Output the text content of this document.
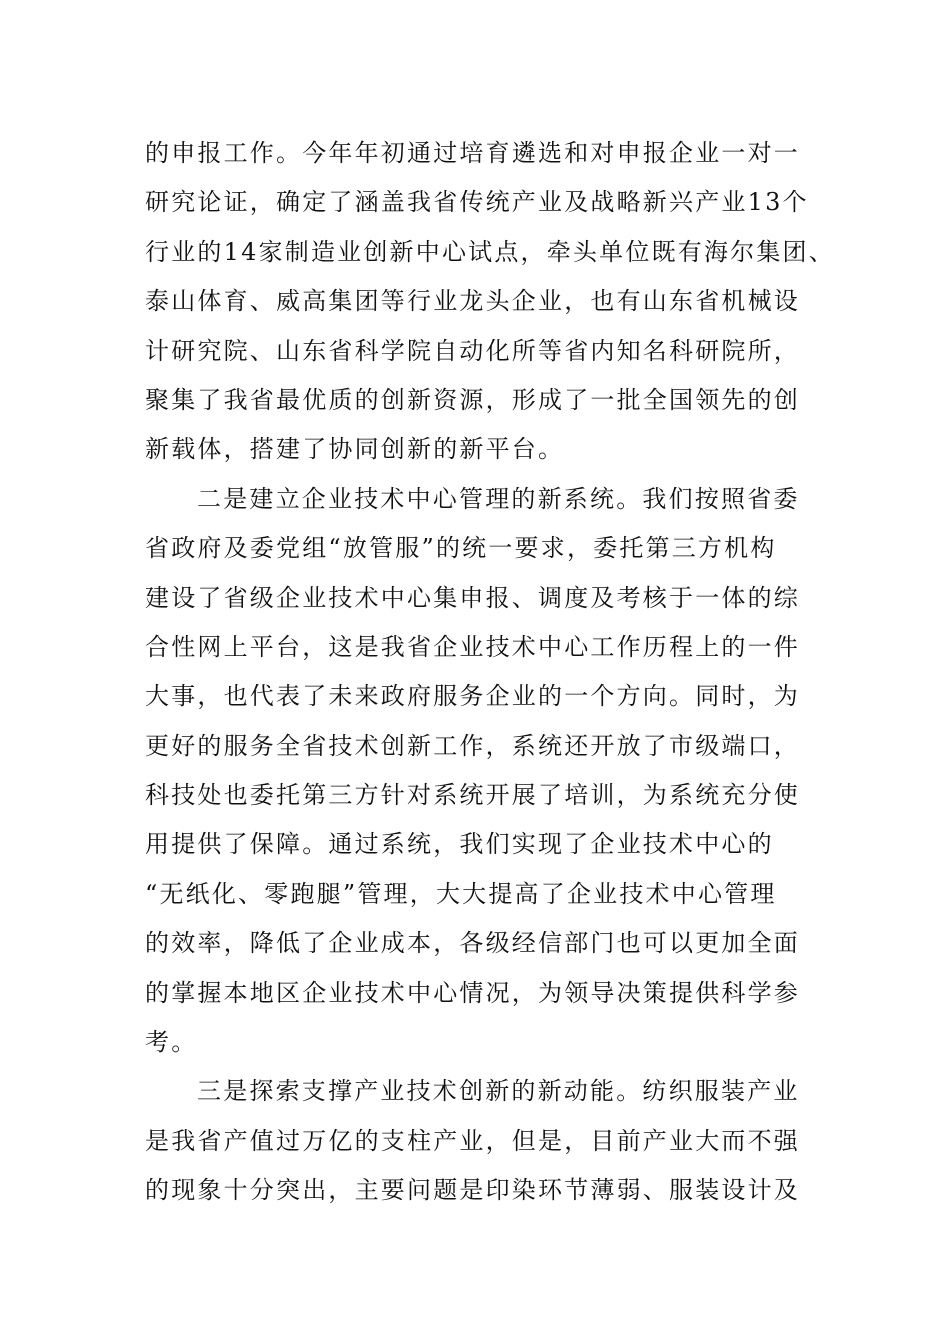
的申报工作。今年年初通过培育遴选和对申报企业一对一
研究论证，确定了涵盖我省传统产业及战略新兴产业13个
行业的14家制造业创新中心试点，牵头单位既有海尔集团、
泰山体育、威高集团等行业龙头企业，也有山东省机械设
计研究院、山东省科学院自动化所等省内知名科研院所，
聚集了我省最优质的创新资源，形成了一批全国领先的创
新载体，搭建了协同创新的新平台。
二是建立企业技术中心管理的新系统。我们按照省委
省政府及委党组“放管服”的统一要求，委托第三方机构
建设了省级企业技术中心集申报、调度及考核于一体的综
合性网上平台，这是我省企业技术中心工作历程上的一件
大事，也代表了未来政府服务企业的一个方向。同时，为
更好的服务全省技术创新工作，系统还开放了市级端口，
科技处也委托第三方针对系统开展了培训，为系统充分使
用提供了保障。通过系统，我们实现了企业技术中心的
“无纸化、零跑腿”管理，大大提高了企业技术中心管理
的效率，降低了企业成本，各级经信部门也可以更加全面
的掌握本地区企业技术中心情况，为领导决策提供科学参
考。
三是探索支撑产业技术创新的新动能。纺织服装产业
是我省产值过万亿的支柱产业，但是，目前产业大而不强
的现象十分突出，主要问题是印染环节薄弱、服装设计及
